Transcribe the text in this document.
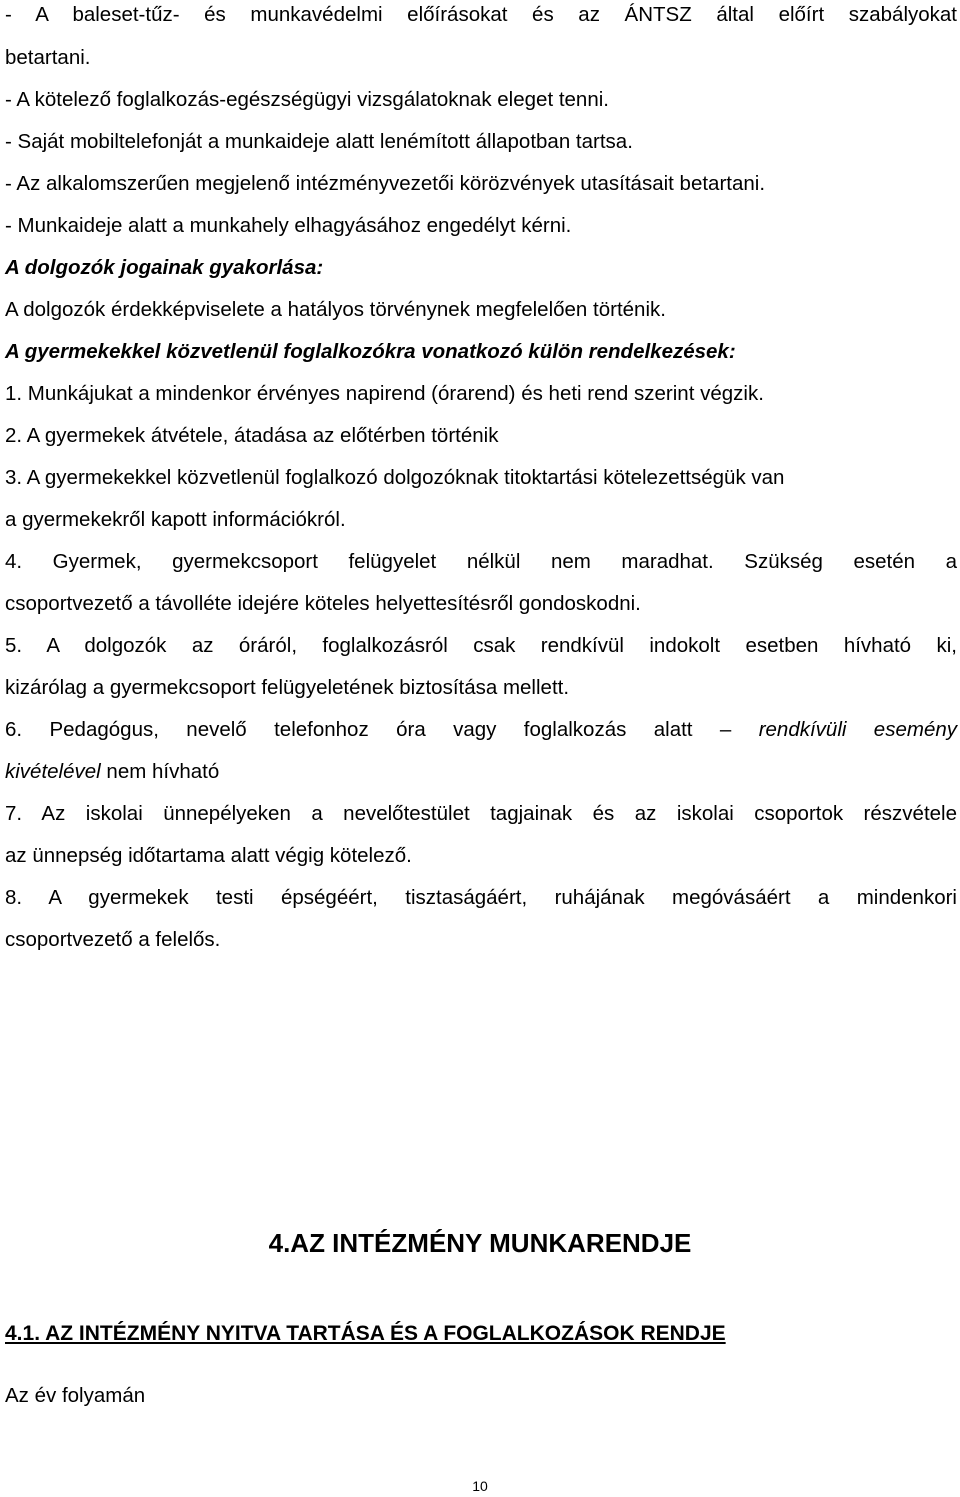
- A baleset-tűz- és munkavédelmi előírásokat és az ÁNTSZ által előírt szabályokat
betartani.
- A kötelező foglalkozás-egészségügyi vizsgálatoknak eleget tenni.
- Saját mobiltelefonját a munkaideje alatt lenémított állapotban tartsa.
- Az alkalomszerűen megjelenő intézményvezetői körözvények utasításait betartani.
- Munkaideje alatt a munkahely elhagyásához engedélyt kérni.
A dolgozók jogainak gyakorlása:
A dolgozók érdekképviselete a hatályos törvénynek megfelelően történik.
A gyermekekkel közvetlenül foglalkozókra vonatkozó külön rendelkezések:
1. Munkájukat a mindenkor érvényes napirend (órarend) és heti rend szerint végzik.
2. A gyermekek átvétele, átadása az előtérben történik
3. A gyermekekkel közvetlenül foglalkozó dolgozóknak titoktartási kötelezettségük van
a gyermekekről kapott információkról.
4. Gyermek, gyermekcsoport felügyelet nélkül nem maradhat. Szükség esetén a
csoportvezető a távolléte idejére köteles helyettesítésről gondoskodni.
5. A dolgozók az óráról, foglalkozásról csak rendkívül indokolt esetben hívható ki,
kizárólag a gyermekcsoport felügyeletének biztosítása mellett.
6. Pedagógus, nevelő telefonhoz óra vagy foglalkozás alatt – rendkívüli esemény
kivételével nem hívható
7. Az iskolai ünnepélyeken a nevelőtestület tagjainak és az iskolai csoportok részvétele
az ünnepség időtartama alatt végig kötelező.
8. A gyermekek testi épségéért, tisztaságáért, ruhájának megóvásáért a mindenkori
csoportvezető a felelős.
4.AZ INTÉZMÉNY MUNKARENDJE
4.1. AZ INTÉZMÉNY NYITVA TARTÁSA ÉS A FOGLALKOZÁSOK RENDJE
Az év folyamán
10
